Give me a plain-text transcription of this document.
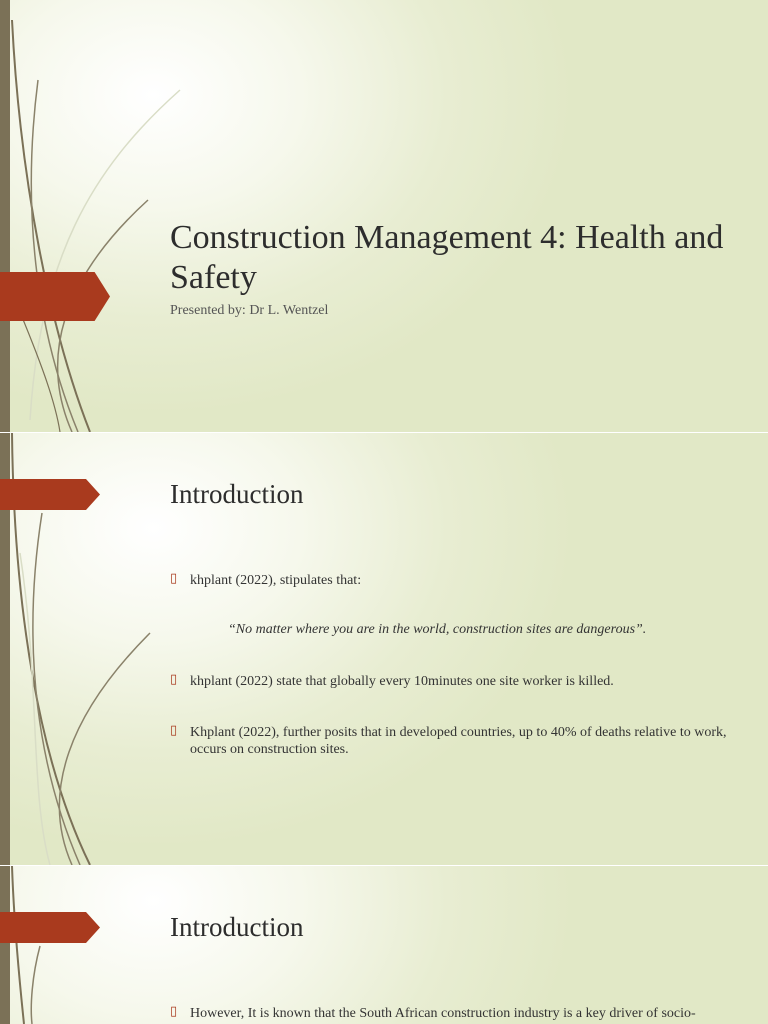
Construction Management 4: Health and Safety
Presented by: Dr L. Wentzel
Introduction
▯ khplant (2022), stipulates that:
“No matter where you are in the world, construction sites are dangerous”.
▯ khplant (2022) state that globally every 10minutes one site worker is killed.
▯ Khplant (2022), further posits that in developed countries, up to 40% of deaths relative to work, occurs on construction sites.
Introduction
▯ However, It is known that the South African construction industry is a key driver of socio-
